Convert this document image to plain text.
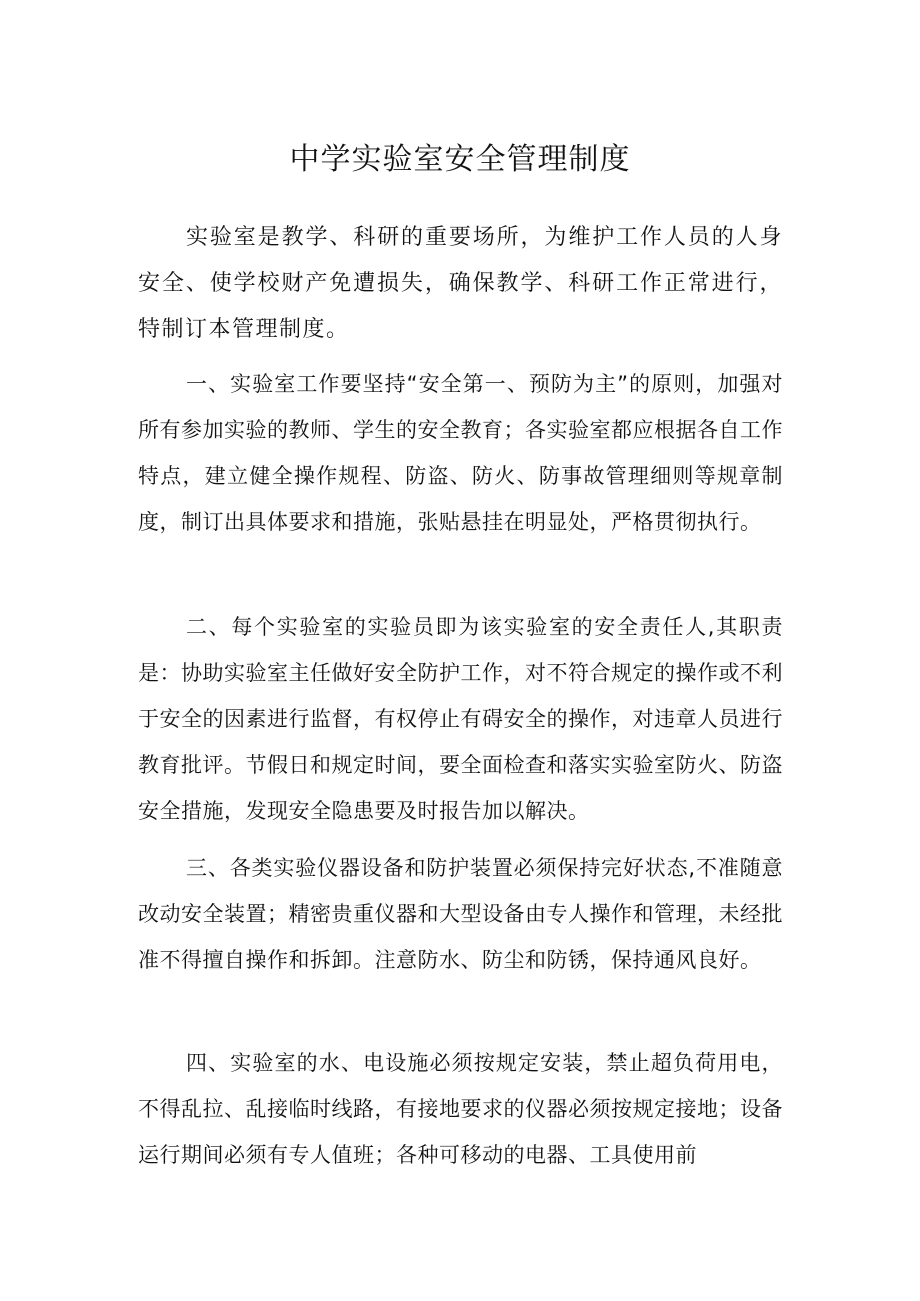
中学实验室安全管理制度

实验室是教学、科研的重要场所，为维护工作人员的人身安全、使学校财产免遭损失，确保教学、科研工作正常进行，特制订本管理制度。

一、实验室工作要坚持“安全第一、预防为主”的原则，加强对所有参加实验的教师、学生的安全教育；各实验室都应根据各自工作特点，建立健全操作规程、防盗、防火、防事故管理细则等规章制度，制订出具体要求和措施，张贴悬挂在明显处，严格贯彻执行。

二、每个实验室的实验员即为该实验室的安全责任人,其职责是：协助实验室主任做好安全防护工作，对不符合规定的操作或不利于安全的因素进行监督，有权停止有碍安全的操作，对违章人员进行教育批评。节假日和规定时间，要全面检查和落实实验室防火、防盗安全措施，发现安全隐患要及时报告加以解决。

三、各类实验仪器设备和防护装置必须保持完好状态,不准随意改动安全装置；精密贵重仪器和大型设备由专人操作和管理，未经批准不得擅自操作和拆卸。注意防水、防尘和防锈，保持通风良好。

四、实验室的水、电设施必须按规定安装，禁止超负荷用电，不得乱拉、乱接临时线路，有接地要求的仪器必须按规定接地；设备运行期间必须有专人值班；各种可移动的电器、工具使用前
